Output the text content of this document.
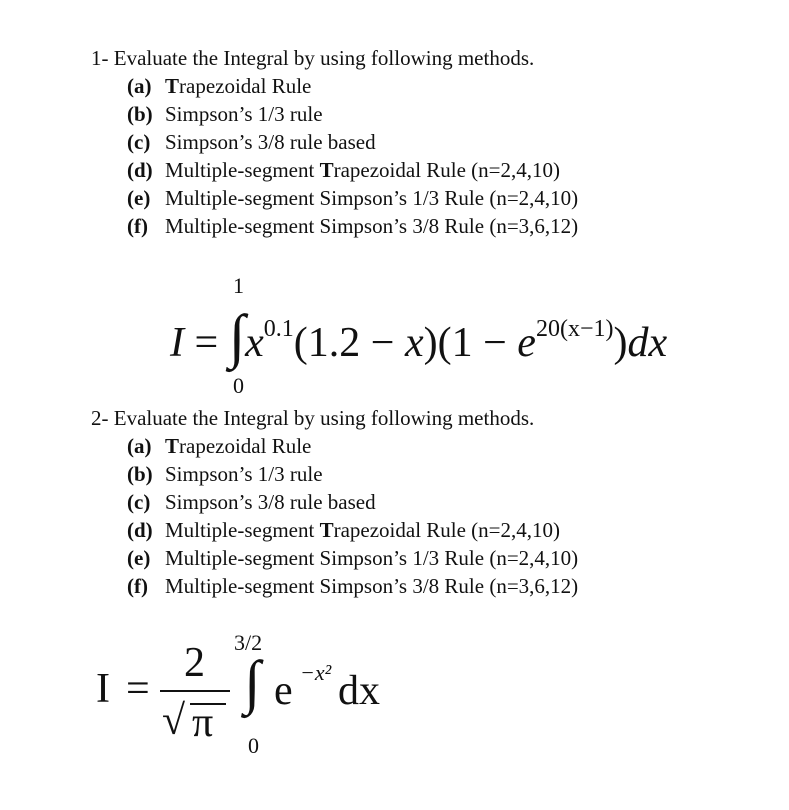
1- Evaluate the Integral by using following methods.
(a) Trapezoidal Rule
(b) Simpson’s 1/3 rule
(c) Simpson’s 3/8 rule based
(d) Multiple-segment Trapezoidal Rule (n=2,4,10)
(e) Multiple-segment Simpson’s 1/3 Rule (n=2,4,10)
(f) Multiple-segment Simpson’s 3/8 Rule (n=3,6,12)
1
0
$I = \int x^{0.1}(1.2 - x)(1 - e^{20(x-1)})dx$
2- Evaluate the Integral by using following methods.
(a) Trapezoidal Rule
(b) Simpson’s 1/3 rule
(c) Simpson’s 3/8 rule based
(d) Multiple-segment Trapezoidal Rule (n=2,4,10)
(e) Multiple-segment Simpson’s 1/3 Rule (n=2,4,10)
(f) Multiple-segment Simpson’s 3/8 Rule (n=3,6,12)
I =
2
√ π
3/2
0
∫ e −x² dx
